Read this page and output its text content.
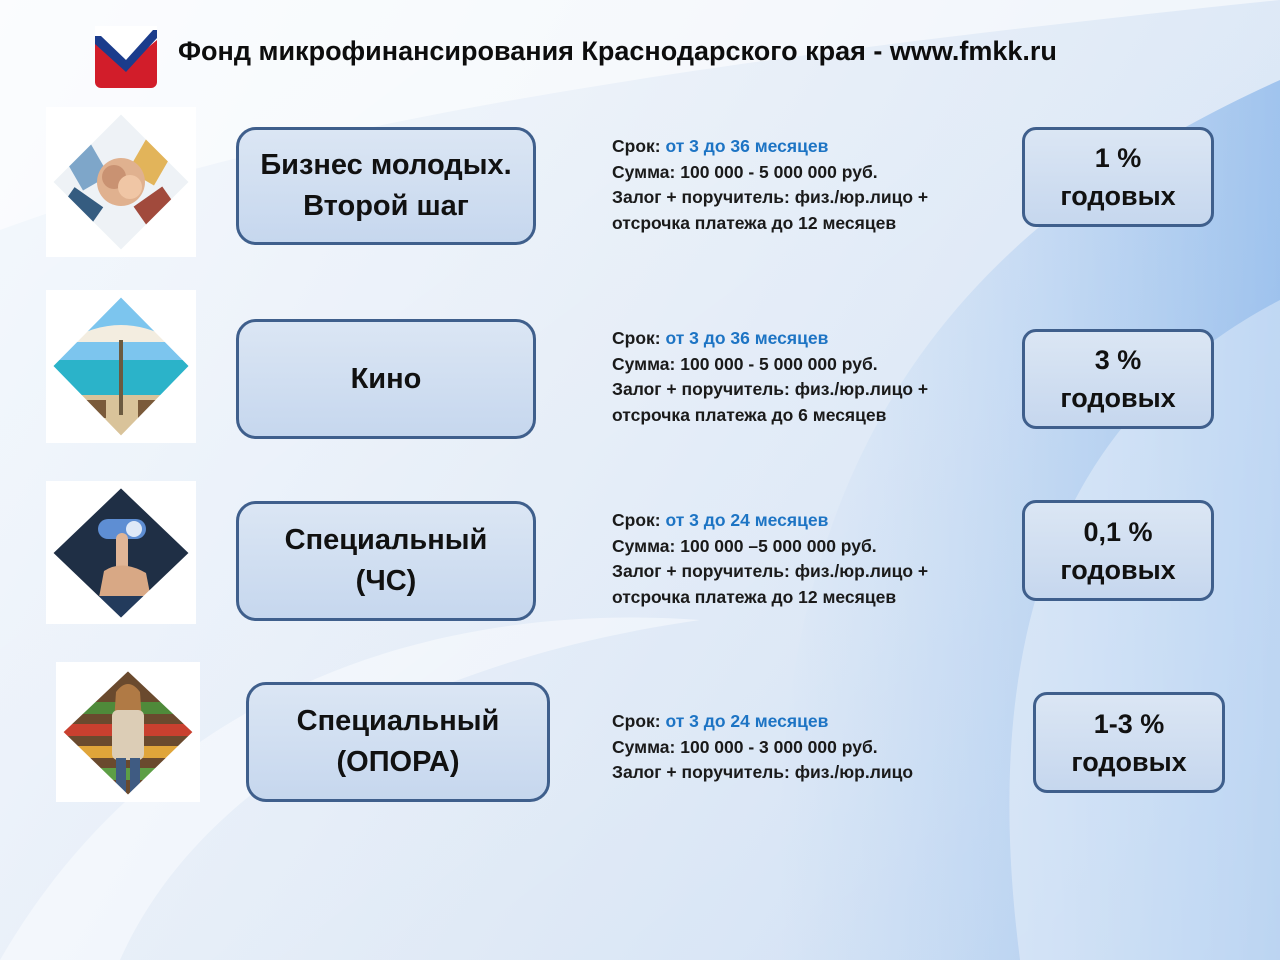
Фонд микрофинансирования Краснодарского края - www.fmkk.ru
Бизнес молодых.
Второй шаг
Срок: от 3 до 36 месяцев
Сумма: 100 000 - 5 000 000 руб.
Залог + поручитель: физ./юр.лицо +
отсрочка платежа до 12 месяцев
1 %
годовых
Кино
Срок: от 3 до 36 месяцев
Сумма: 100 000 - 5 000 000 руб.
Залог + поручитель: физ./юр.лицо +
отсрочка платежа до 6 месяцев
3 %
годовых
Специальный
(ЧС)
Срок: от 3 до 24 месяцев
Сумма: 100 000 –5 000 000 руб.
Залог + поручитель: физ./юр.лицо +
отсрочка платежа до 12 месяцев
0,1 %
годовых
Специальный
(ОПОРА)
Срок: от 3 до 24 месяцев
Сумма: 100 000 - 3 000 000 руб.
Залог + поручитель: физ./юр.лицо
1-3 %
годовых
